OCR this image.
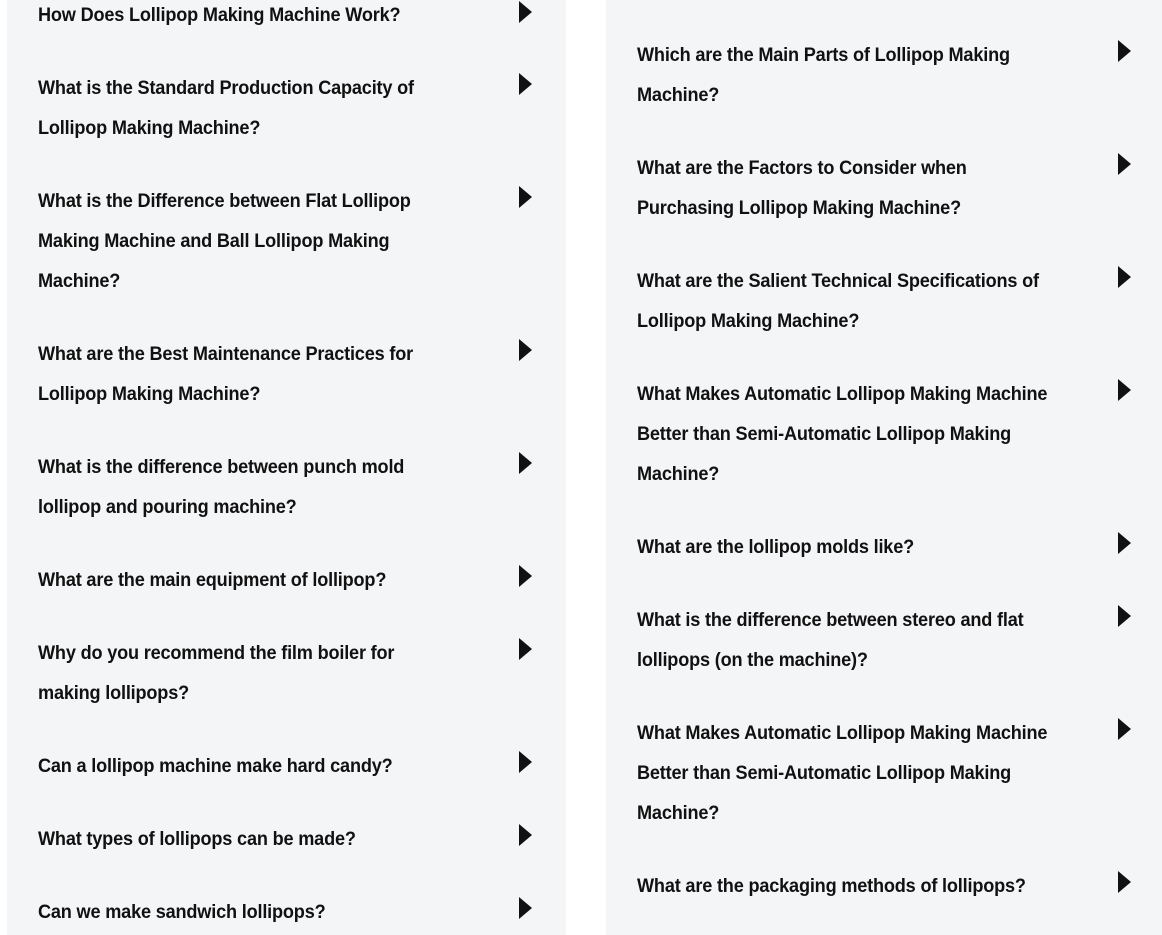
How Does Lollipop Making Machine Work?
What is the Standard Production Capacity of Lollipop Making Machine?
What is the Difference between Flat Lollipop Making Machine and Ball Lollipop Making Machine?
What are the Best Maintenance Practices for Lollipop Making Machine?
What is the difference between punch mold lollipop and pouring machine?
What are the main equipment of lollipop?
Why do you recommend the film boiler for making lollipops?
Can a lollipop machine make hard candy?
What types of lollipops can be made?
Can we make sandwich lollipops?
Which are the Main Parts of Lollipop Making Machine?
What are the Factors to Consider when Purchasing Lollipop Making Machine?
What are the Salient Technical Specifications of Lollipop Making Machine?
What Makes Automatic Lollipop Making Machine Better than Semi-Automatic Lollipop Making Machine?
What are the lollipop molds like?
What is the difference between stereo and flat lollipops (on the machine)?
What Makes Automatic Lollipop Making Machine Better than Semi-Automatic Lollipop Making Machine?
What are the packaging methods of lollipops?
